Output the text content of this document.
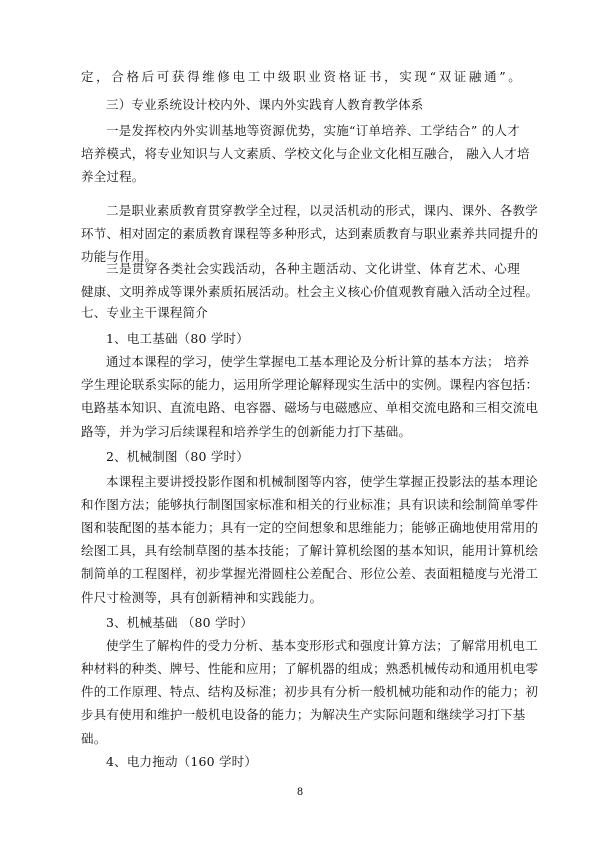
定，合格后可获得维修电工中级职业资格证书，实现“双证融通”。
三）专业系统设计校内外、课内外实践育人教育教学体系
一是发挥校内外实训基地等资源优势，实施“订单培养、工学结合” 的人才
培养模式，将专业知识与人文素质、学校文化与企业文化相互融合， 融入人才培
养全过程。
二是职业素质教育贯穿教学全过程，以灵活机动的形式，课内、课外、各教学
环节、相对固定的素质教育课程等多种形式，达到素质教育与职业素养共同提升的
功能与作用。
三是贯穿各类社会实践活动，各种主题活动、文化讲堂、体育艺术、心理
健康、文明养成等课外素质拓展活动。杜会主义核心价值观教育融入活动全过程。
七、专业主干课程简介
1、电工基础（80 学时）
通过本课程的学习，使学生掌握电工基本理论及分析计算的基本方法； 培养
学生理论联系实际的能力，运用所学理论解释现实生活中的实例。课程内容包括：
电路基本知识、直流电路、电容器、磁场与电磁感应、单相交流电路和三相交流电
路等，并为学习后续课程和培养学生的创新能力打下基础。
2、机械制图（80 学时）
本课程主要讲授投影作图和机械制图等内容，使学生掌握正投影法的基本理论
和作图方法；能够执行制图国家标准和相关的行业标准；具有识读和绘制简单零件
图和装配图的基本能力；具有一定的空间想象和思维能力；能够正确地使用常用的
绘图工具，具有绘制草图的基本技能；了解计算机绘图的基本知识，能用计算机绘
制简单的工程图样，初步掌握光滑圆柱公差配合、形位公差、表面粗糙度与光滑工
件尺寸检测等，具有创新精神和实践能力。
3、机械基础 （80 学时）
使学生了解构件的受力分析、基本变形形式和强度计算方法；了解常用机电工
种材料的种类、牌号、性能和应用；了解机器的组成；熟悉机械传动和通用机电零
件的工作原理、特点、结构及标准；初步具有分析一般机械功能和动作的能力；初
步具有使用和维护一般机电设备的能力；为解决生产实际问题和继续学习打下基
础。
4、电力拖动（160 学时）
8
